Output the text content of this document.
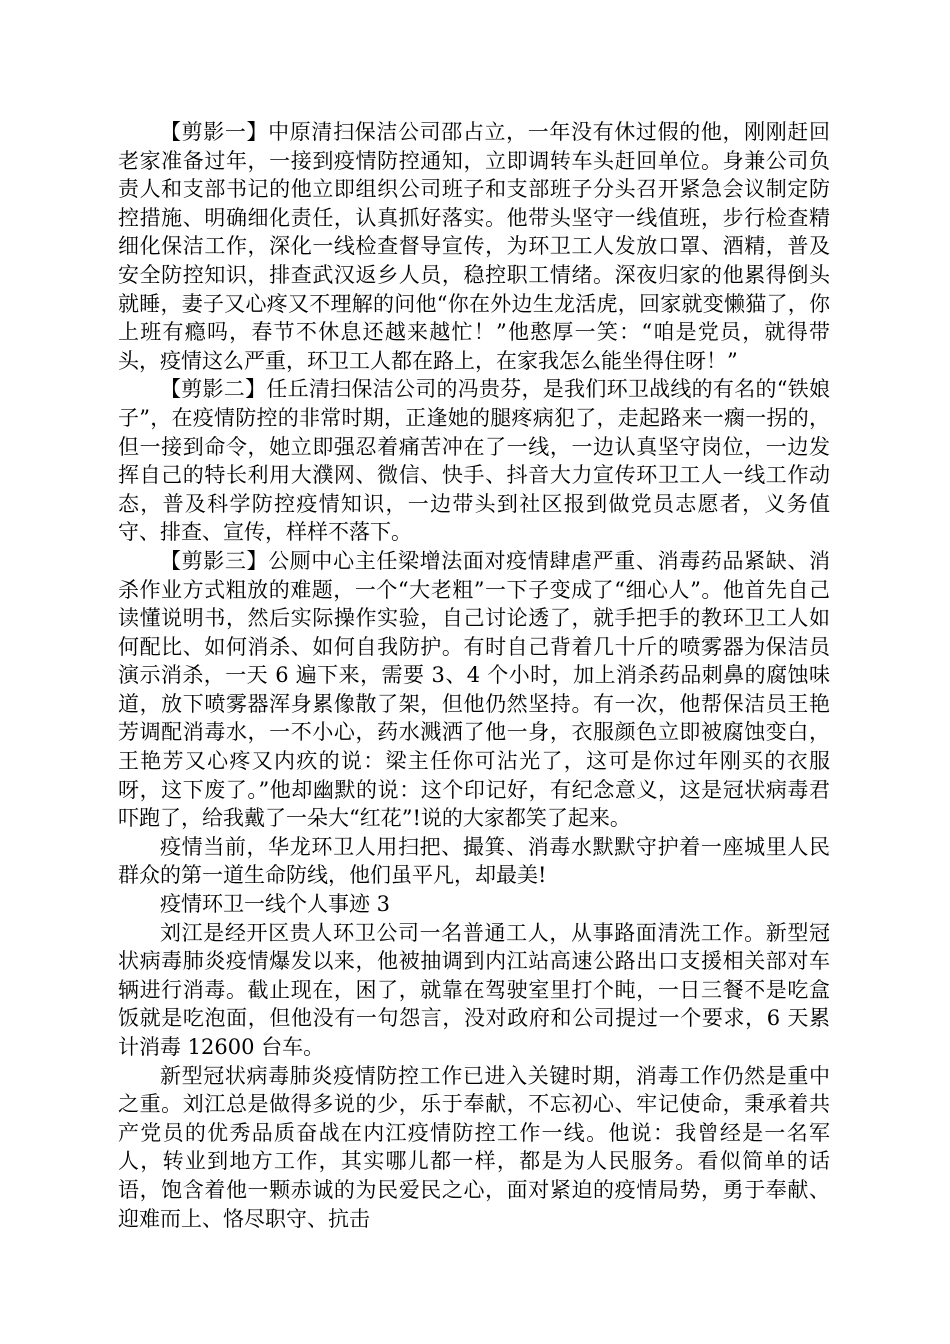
【剪影一】中原清扫保洁公司邵占立，一年没有休过假的他，刚刚赶回老家准备过年，一接到疫情防控通知，立即调转车头赶回单位。身兼公司负责人和支部书记的他立即组织公司班子和支部班子分头召开紧急会议制定防控措施、明确细化责任，认真抓好落实。他带头坚守一线值班，步行检查精细化保洁工作，深化一线检查督导宣传，为环卫工人发放口罩、酒精，普及安全防控知识，排查武汉返乡人员，稳控职工情绪。深夜归家的他累得倒头就睡，妻子又心疼又不理解的问他“你在外边生龙活虎，回家就变懒猫了，你上班有瘾吗，春节不休息还越来越忙！”他憨厚一笑：“咱是党员，就得带头，疫情这么严重，环卫工人都在路上，在家我怎么能坐得住呀！”

【剪影二】任丘清扫保洁公司的冯贵芬，是我们环卫战线的有名的“铁娘子”，在疫情防控的非常时期，正逢她的腿疼病犯了，走起路来一瘸一拐的，但一接到命令，她立即强忍着痛苦冲在了一线，一边认真坚守岗位，一边发挥自己的特长利用大濮网、微信、快手、抖音大力宣传环卫工人一线工作动态，普及科学防控疫情知识，一边带头到社区报到做党员志愿者，义务值守、排查、宣传，样样不落下。

【剪影三】公厕中心主任梁增法面对疫情肆虐严重、消毒药品紧缺、消杀作业方式粗放的难题，一个“大老粗”一下子变成了“细心人”。他首先自己读懂说明书，然后实际操作实验，自己讨论透了，就手把手的教环卫工人如何配比、如何消杀、如何自我防护。有时自己背着几十斤的喷雾器为保洁员演示消杀，一天 6 遍下来，需要 3、4 个小时，加上消杀药品刺鼻的腐蚀味道，放下喷雾器浑身累像散了架，但他仍然坚持。有一次，他帮保洁员王艳芳调配消毒水，一不小心，药水溅洒了他一身，衣服颜色立即被腐蚀变白，王艳芳又心疼又内疚的说：梁主任你可沾光了，这可是你过年刚买的衣服呀，这下废了。”他却幽默的说：这个印记好，有纪念意义，这是冠状病毒君吓跑了，给我戴了一朵大“红花”!说的大家都笑了起来。

疫情当前，华龙环卫人用扫把、撮箕、消毒水默默守护着一座城里人民群众的第一道生命防线，他们虽平凡，却最美!

疫情环卫一线个人事迹 3

刘江是经开区贵人环卫公司一名普通工人，从事路面清洗工作。新型冠状病毒肺炎疫情爆发以来，他被抽调到内江站高速公路出口支援相关部对车辆进行消毒。截止现在，困了，就靠在驾驶室里打个盹，一日三餐不是吃盒饭就是吃泡面，但他没有一句怨言，没对政府和公司提过一个要求，6 天累计消毒 12600 台车。

新型冠状病毒肺炎疫情防控工作已进入关键时期，消毒工作仍然是重中之重。刘江总是做得多说的少，乐于奉献，不忘初心、牢记使命，秉承着共产党员的优秀品质奋战在内江疫情防控工作一线。他说：我曾经是一名军人，转业到地方工作，其实哪儿都一样，都是为人民服务。看似简单的话语，饱含着他一颗赤诚的为民爱民之心，面对紧迫的疫情局势，勇于奉献、迎难而上、恪尽职守、抗击
